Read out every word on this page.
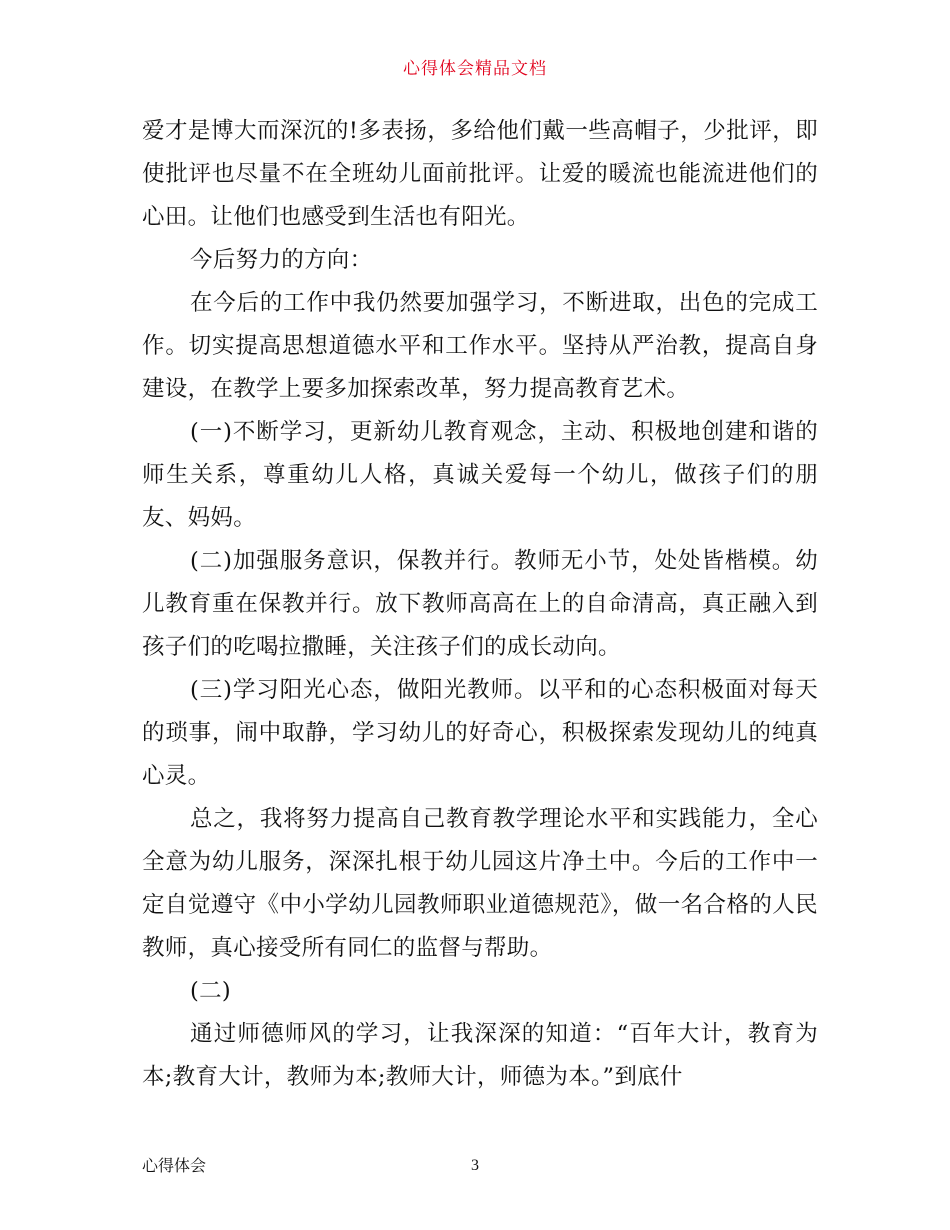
心得体会精品文档

爱才是博大而深沉的!多表扬，多给他们戴一些高帽子，少批评，即使批评也尽量不在全班幼儿面前批评。让爱的暖流也能流进他们的心田。让他们也感受到生活也有阳光。

今后努力的方向：

在今后的工作中我仍然要加强学习，不断进取，出色的完成工作。切实提高思想道德水平和工作水平。坚持从严治教，提高自身建设，在教学上要多加探索改革，努力提高教育艺术。

(一)不断学习，更新幼儿教育观念，主动、积极地创建和谐的师生关系，尊重幼儿人格，真诚关爱每一个幼儿，做孩子们的朋友、妈妈。

(二)加强服务意识，保教并行。教师无小节，处处皆楷模。幼儿教育重在保教并行。放下教师高高在上的自命清高，真正融入到孩子们的吃喝拉撒睡，关注孩子们的成长动向。

(三)学习阳光心态，做阳光教师。以平和的心态积极面对每天的琐事，闹中取静，学习幼儿的好奇心，积极探索发现幼儿的纯真心灵。

总之，我将努力提高自己教育教学理论水平和实践能力，全心全意为幼儿服务，深深扎根于幼儿园这片净土中。今后的工作中一定自觉遵守《中小学幼儿园教师职业道德规范》，做一名合格的人民教师，真心接受所有同仁的监督与帮助。

(二)

通过师德师风的学习，让我深深的知道：“百年大计，教育为本;教育大计，教师为本;教师大计，师德为本。”到底什

心得体会	3
